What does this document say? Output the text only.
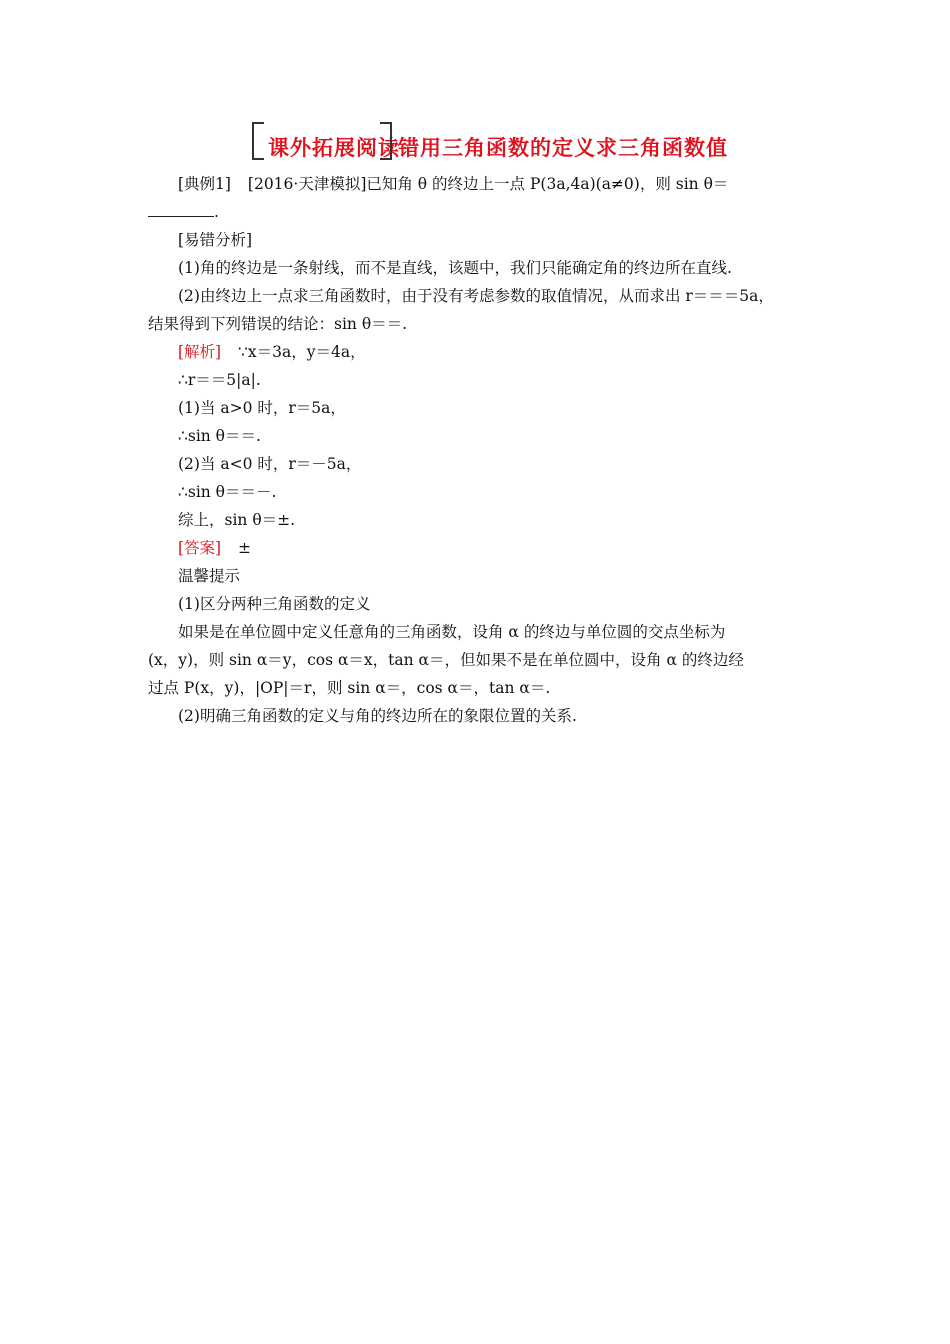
课外拓展阅读
错用三角函数的定义求三角函数值
[典例1] [2016·天津模拟]已知角 θ 的终边上一点 P(3a,4a)(a≠0)，则 sin θ＝
.
[易错分析]
(1)角的终边是一条射线，而不是直线，该题中，我们只能确定角的终边所在直线.
(2)由终边上一点求三角函数时，由于没有考虑参数的取值情况，从而求出 r＝＝＝5a，
结果得到下列错误的结论：sin θ＝＝.
[解析] ∵x＝3a，y＝4a，
∴r＝＝5|a|.
(1)当 a>0 时，r＝5a，
∴sin θ＝＝.
(2)当 a<0 时，r＝－5a，
∴sin θ＝＝－.
综上，sin θ＝±.
[答案] ±
温馨提示
(1)区分两种三角函数的定义
如果是在单位圆中定义任意角的三角函数，设角 α 的终边与单位圆的交点坐标为
(x，y)，则 sin α＝y，cos α＝x，tan α＝，但如果不是在单位圆中，设角 α 的终边经
过点 P(x，y)，|OP|＝r，则 sin α＝，cos α＝，tan α＝.
(2)明确三角函数的定义与角的终边所在的象限位置的关系.
